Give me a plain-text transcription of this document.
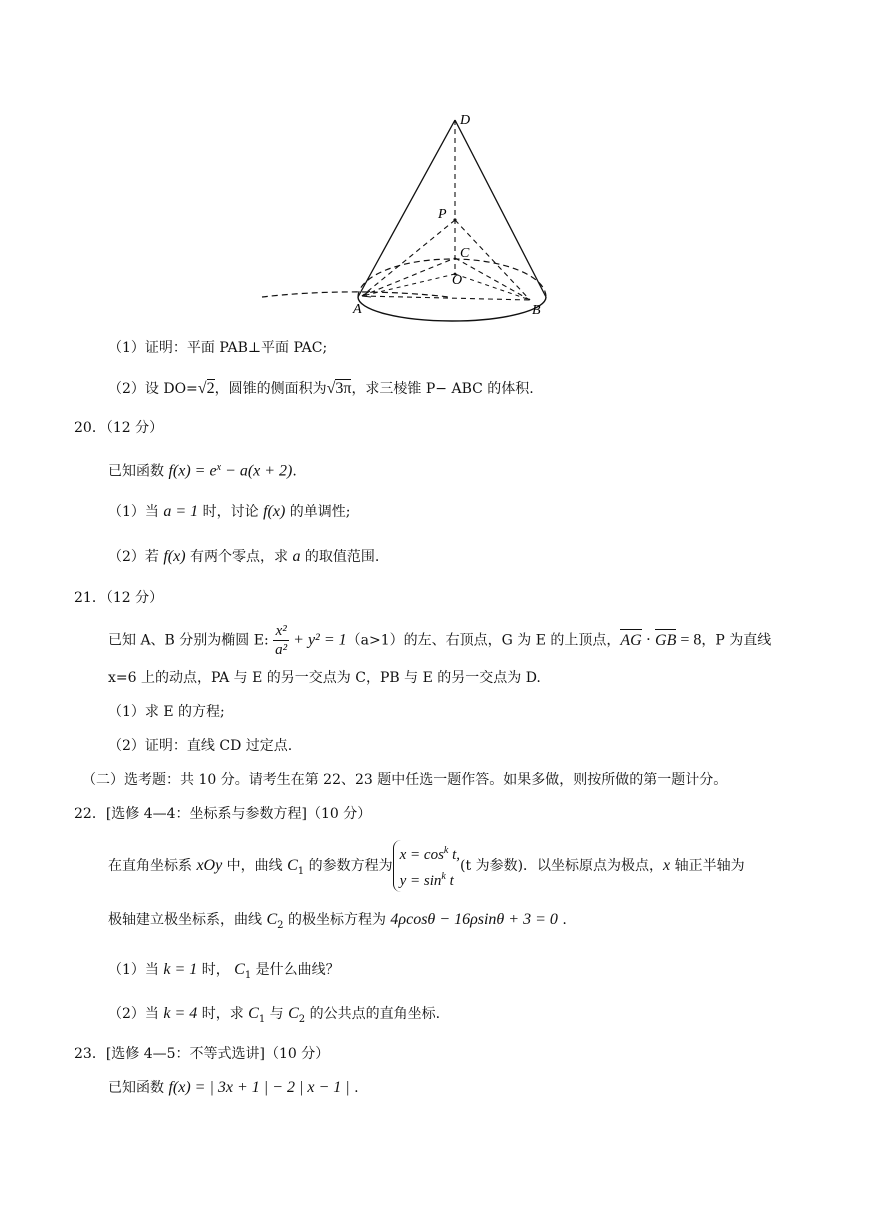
D
P
C
O
A	B
（1）证明：平面 PAB⊥平面 PAC;
（2）设 DO=√2，圆锥的侧面积为√3π，求三棱锥 P− ABC 的体积.
20．（12 分）
已知函数 $f(x) = e^x - a(x + 2)$.
（1）当 a = 1 时，讨论 f(x) 的单调性;
（2）若 f(x) 有两个零点，求 a 的取值范围.
21．（12 分）
已知 A、B 分别为椭圆 E: $\frac{\text{x²}}{\text{a²}} + y^2 = 1(a>1)$的左、右顶点，G 为 E 的上顶点，AG · GB = 8，P 为直线
x=6 上的动点，PA 与 E 的另一交点为 C，PB 与 E 的另一交点为 D.
（1）求 E 的方程;
（2）证明：直线 CD 过定点.
（二）选考题：共 10 分。请考生在第 22、23 题中任选一题作答。如果多做，则按所做的第一题计分。
22．[选修 4—4：坐标系与参数方程]（10 分）
在直角坐标系 xOy 中，曲线 $C_1$ 的参数方程为
$x = \cos^k t$,
$y = \sin^k t$
(t 为参数)．以坐标原点为极点，x 轴正半轴为
极轴建立极坐标系，曲线 $C_2$ 的极坐标方程为 4ρcosθ − 16ρsinθ + 3 = 0 .
（1）当 k = 1 时， $C_1$ 是什么曲线？
（2）当 k = 4 时，求 $C_1$ 与 $C_2$ 的公共点的直角坐标.
23．[选修 4—5：不等式选讲]（10 分）
已知函数 f(x) = | 3x + 1 | − 2 | x − 1 | .
